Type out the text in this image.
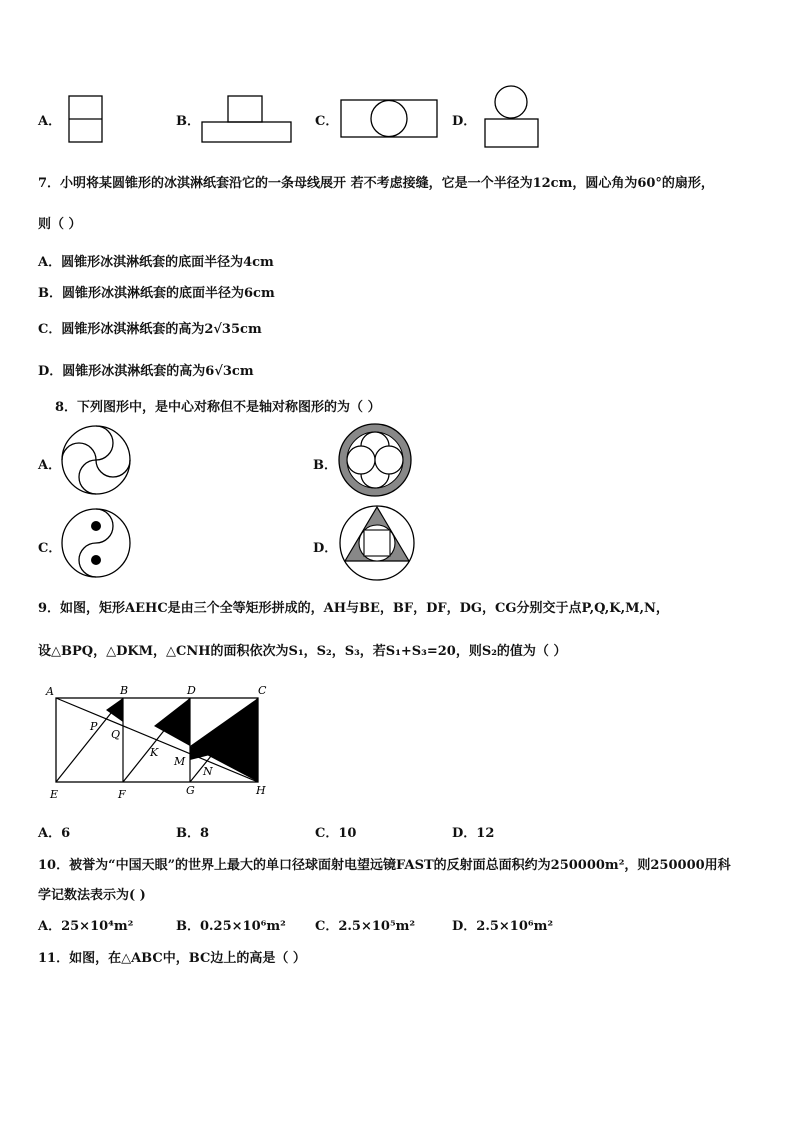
A．	B．	C．	D．
7．小明将某圆锥形的冰淇淋纸套沿它的一条母线展开 若不考虑接缝，它是一个半径为12cm，圆心角为60°的扇形，
则（ ）
A．圆锥形冰淇淋纸套的底面半径为4cm
B．圆锥形冰淇淋纸套的底面半径为6cm
C．圆锥形冰淇淋纸套的高为2√35cm
D．圆锥形冰淇淋纸套的高为6√3cm
8．下列图形中，是中心对称但不是轴对称图形的为（ ）
A．	B．
C．	D．
9．如图，矩形AEHC是由三个全等矩形拼成的，AH与BE，BF，DF，DG，CG分别交于点P,Q,K,M,N，
设△BPQ，△DKM，△CNH的面积依次为S₁，S₂，S₃，若S₁+S₃=20，则S₂的值为（ ）
A	B	D	C
P
Q
K
M
N
E	F	G	H
A．6	B．8	C．10	D．12
10．被誉为“中国天眼”的世界上最大的单口径球面射电望远镜FAST的反射面总面积约为250000m²，则250000用科
学记数法表示为( )
A．25×10⁴m²	B．0.25×10⁶m² C．2.5×10⁵m²	D．2.5×10⁶m²
11．如图，在△ABC中，BC边上的高是（ ）
